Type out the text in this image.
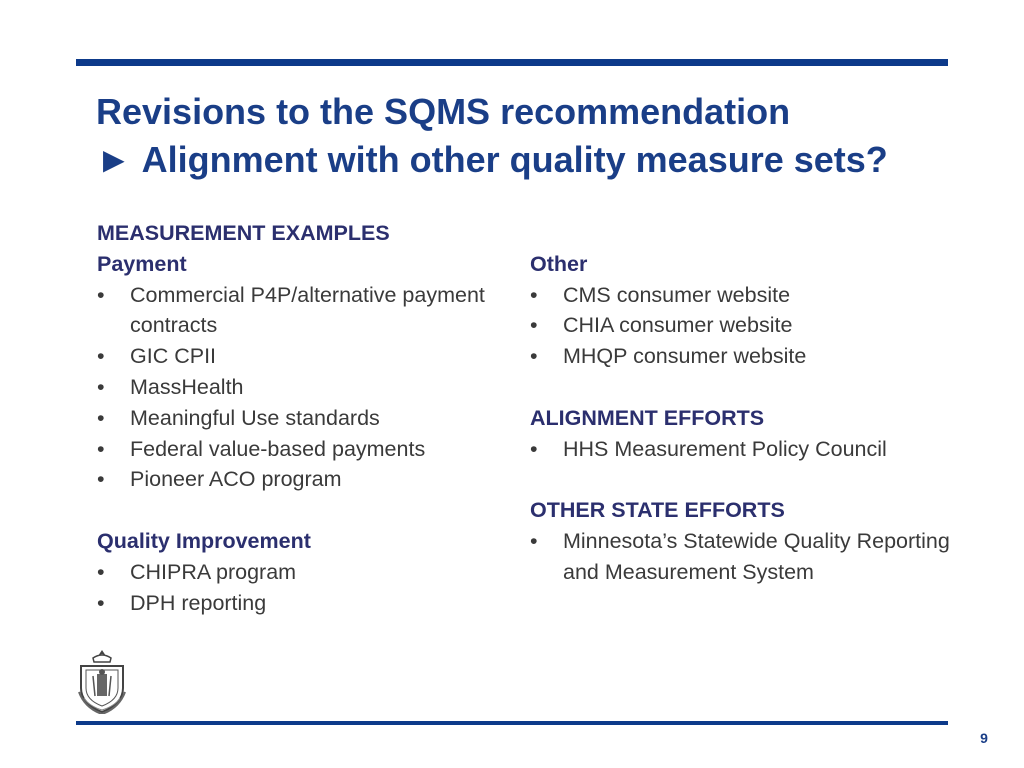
Revisions to the SQMS recommendation
► Alignment with other quality measure sets?
MEASUREMENT EXAMPLES
Payment
•	Commercial P4P/alternative payment contracts
•	GIC CPII
•	MassHealth
•	Meaningful Use standards
•	Federal value-based payments
•	Pioneer ACO program
Quality Improvement
•	CHIPRA program
•	DPH reporting
Other
•	CMS consumer website
•	CHIA consumer website
•	MHQP consumer website
ALIGNMENT EFFORTS
•	HHS Measurement Policy Council
OTHER STATE EFFORTS
•	Minnesota’s Statewide Quality Reporting and Measurement System
9
